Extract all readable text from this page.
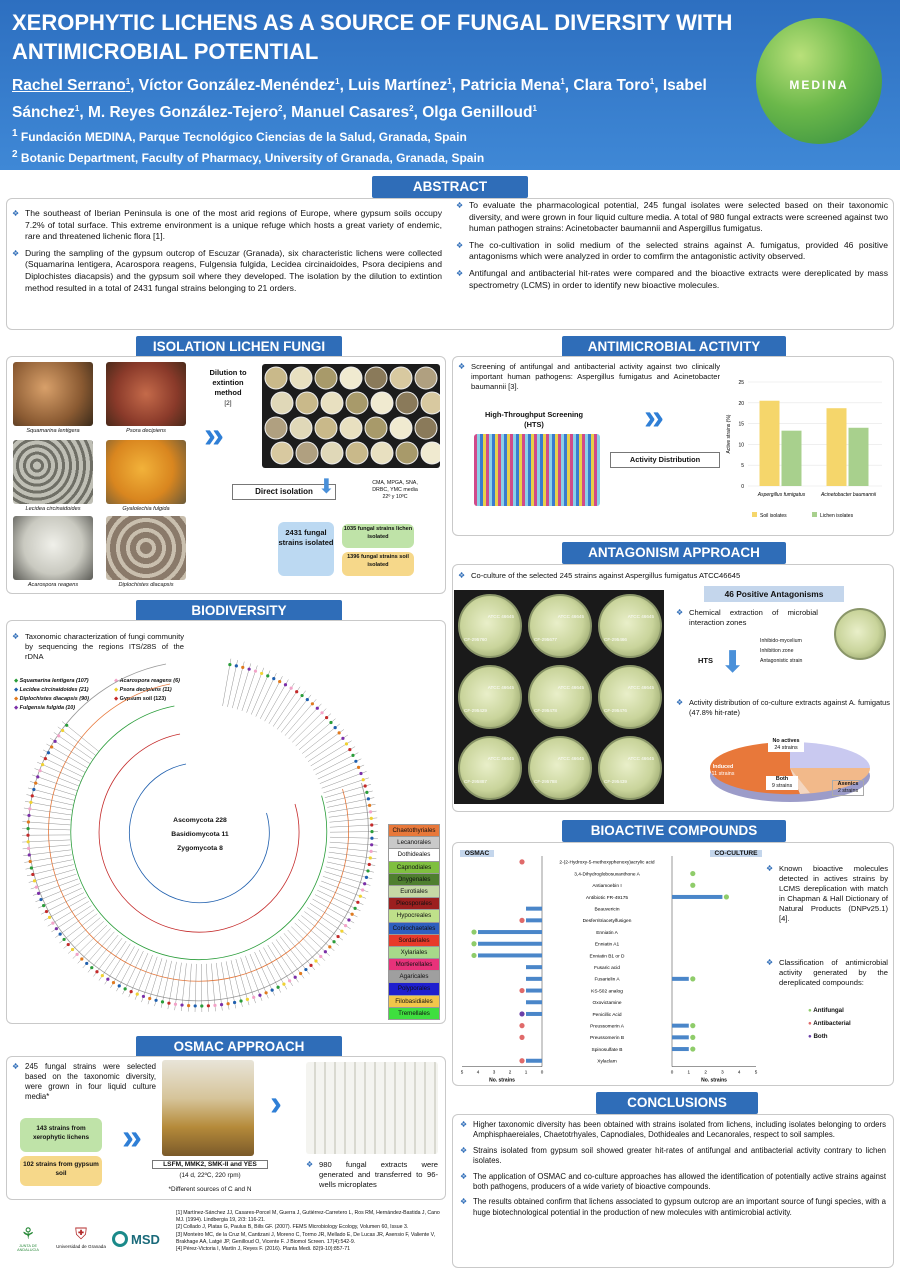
XEROPHYTIC LICHENS AS A SOURCE OF FUNGAL DIVERSITY WITH ANTIMICROBIAL POTENTIAL
Rachel Serrano$^1$, Víctor González-Menéndez$^1$, Luis Martínez$^1$, Patricia Mena$^1$, Clara Toro$^1$, Isabel Sánchez$^1$, M. Reyes González-Tejero$^2$, Manuel Casares$^2$, Olga Genilloud$^1$
$^1$ Fundación MEDINA, Parque Tecnológico Ciencias de la Salud, Granada, Spain
$^2$ Botanic Department, Faculty of Pharmacy, University of Granada, Granada, Spain
MEDINA
ABSTRACT
❖ The southeast of Iberian Peninsula is one of the most arid regions of Europe, where gypsum soils occupy 7.2% of total surface. This extreme environment is a unique refuge which hosts a great variety of endemic, rare and threatened lichenic flora [1].
❖ During the sampling of the gypsum outcrop of Escuzar (Granada), six characteristic lichens were collected (Squamarina lentigera, Acarospora reagens, Fulgensia fulgida, Lecidea circinaidoides, Psora decipiens and Diplochistes diacapsis) and the gypsum soil where they developed. The isolation by the dilution to extintion method resulted in a total of 2431 fungal strains belonging to 21 orders.
❖ To evaluate the pharmacological potential, 245 fungal isolates were selected based on their taxonomic diversity, and were grown in four liquid culture media. A total of 980 fungal extracts were screened against two human pathogen strains: Acinetobacter baumannii and Aspergillus fumigatus.
❖ The co-cultivation in solid medium of the selected strains against A. fumigatus, provided 46 positive antagonisms which were analyzed in order to comfirm the antagonistic activity observed.
❖ Antifungal and antibacterial hit-rates were compared and the bioactive extracts were dereplicated by mass spectrometry (LCMS) in order to identify new bioactive molecules.
ISOLATION LICHEN FUNGI
Squamarina lentigera	Psora decipiens
Lecidea circinaidoides	Gyalolechia fulgida
Acarospora reagens	Diplochistes diacapsis
Dilution to extintion method
[2]
»
Direct isolation ⬇	CMA, MPGA, SNA,
DRBC, YMC media
22º y 10ºC
2431 fungal strains isolated
1035 fungal strains lichen isolated
1396 fungal strains soil isolated
BIODIVERSITY
❖ Taxonomic characterization of fungi community by sequencing the regions ITS/28S of the rDNA
◆ Squamarina lentigera (107)
◆ Lecidea circinaidoides (21)
◆ Diplochistes diacapsis (90)
◆ Fulgensia fulgida (10)
◆ Acarospora reagens (6)
◆ Psora decipiens (11)
◆ Gypsum soil (123)
Ascomycota 228
Basidiomycota 11
Zygomycota 8
Chaetothyriales
Lecanorales
Dothideales
Capnodiales
Onygenales
Eurotiales
Pleosporales
Hypocreales
Coniochaetales
Sordariales
Xylariales
Mortierellales
Agaricales
Polyporales
Filobasidiales
Tremellales
OSMAC APPROACH
❖ 245 fungal strains were selected based on the taxonomic diversity, were grown in four liquid culture media*
143 strains from xerophytic lichens
102 strains from gypsum soil
»
LSFM, MMK2, SMK-II and YES
(14 d, 22ºC, 220 rpm)
*Different sources of C and N
›
❖ 980 fungal extracts were generated and transferred to 96-wells microplates
[1] Martínez-Sánchez JJ, Casares-Porcel M, Guerra J, Gutiérrez-Carretero L, Ros RM, Hernández-Bastida J, Cano MJ. (1994). Lindbergia 19, 2/3: 116-21.
[2] Collado J, Platas G, Paulus B, Bills GF. (2007). FEMS Microbiology Ecology, Volumen 60, Issue 3.
[3] Monteiro MC, de la Cruz M, Cantizani J, Moreno C, Tormo JR, Mellado E, De Lucas JR, Asensio F, Valiente V, Brakhage AA, Latgé JP, Genilloud O, Vicente F. J Biomol Screen. 17(4):542-9.
[4] Pérez-Victoria I, Martín J, Reyes F. (2016). Planta Medi. 82(9-10):857-71
⚘
JUNTA DE ANDALUCIA
⛨
Universidad de Granada MSD
ANTIMICROBIAL ACTIVITY
❖ Screening of antifungal and antibacterial activity against two clinically important human pathogens: Aspergillus fumigatus and Acinetobacter baumannii [3].
High-Throughput Screening (HTS)	»
Activity Distribution
0
5
10
15
20
25
Active strains (%)
Aspergillus fumigatus	Acinetobacter baumannii
Soil isolates	Lichen isolates
ANTAGONISM APPROACH
❖ Co-culture of the selected 245 strains against Aspergillus fumigatus ATCC46645
ATCC 46645
CF-295760
ATCC 46645
CF-295677
ATCC 46645
CF-295466
ATCC 46645
CF-295429
ATCC 46645
CF-295478
ATCC 46645
CF-295476
ATCC 46645
CF-295887
ATCC 46645
CF-295788
ATCC 46645
CF-295439
46 Positive Antagonisms
❖ Chemical extraction of microbial interaction zones
Inhibido-mycelium
Inhibition zone
Antagonistic strain
HTS ⬇
❖ Activity distribution of co-culture extracts against A. fumigatus (47.8% hit-rate)
No actives
24 strains
Induced
11 strains
Both
9 strains	Axenics
2 strains
BIOACTIVE COMPOUNDS
OSMAC	CO-CULTURE
2-(2-Hydroxy-5-methoxyphenoxy)acrylic acid
3,4-Dihydroglobosuxanthone A
Antiamoebin I
Antibiotic FR-49175
Beauvericin
Desferritriacetylfusigen
Enniatin A
Enniatin A1
Enniatin B1 or D
Fusaric acid
Fusarielin A
KS-502 analog
Oxovictamine
Penicillic Acid
Preussomerin A
Preussomerin B
Spinosulfate B
Xylaclam
5	4	3	2	1	0	0	1	2	3	4	5
No. strains	No. strains
❖ Known bioactive molecules detected in actives strains by LCMS dereplication with match in Chapman & Hall Dictionary of Natural Products (DNPv25.1) [4].
❖ Classification of antimicrobial activity generated by the dereplicated compounds:
● Antifungal
● Antibacterial
● Both
CONCLUSIONS
❖ Higher taxonomic diversity has been obtained with strains isolated from lichens, including isolates belonging to orders Amphisphaereiales, Chaetotrhyales, Capnodiales, Dothideales and Lecanorales, respect to soil samples.
❖ Strains isolated from gypsum soil showed greater hit-rates of antifungal and antibacterial activity contrary to lichen isolates.
❖ The application of OSMAC and co-culture approaches has allowed the identification of potentially active strains against both pathogens, producers of a wide variety of bioactive compounds.
❖ The results obtained confirm that lichens associated to gypsum outcrop are an important source of fungi species, with a huge biotechnological potential in the production of new molecules with antimicrobial activity.
